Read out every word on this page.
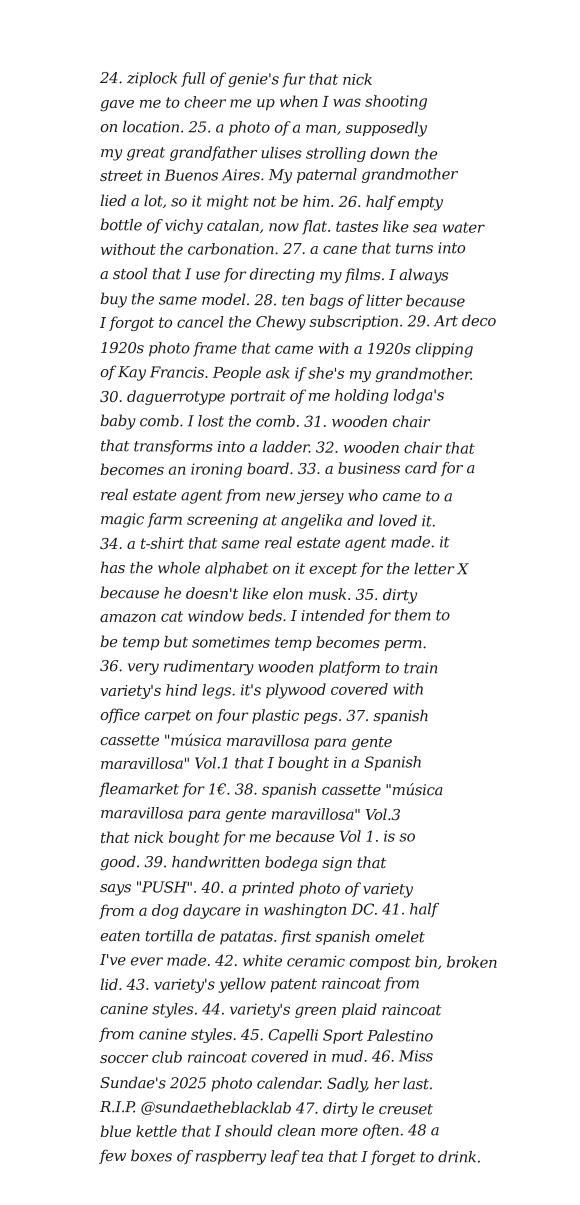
24. ziplock full of genie's fur that nick
gave me to cheer me up when I was shooting
on location. 25. a photo of a man, supposedly
my great grandfather ulises strolling down the
street in Buenos Aires. My paternal grandmother
lied a lot, so it might not be him. 26. half empty
bottle of vichy catalan, now flat. tastes like sea water
without the carbonation. 27. a cane that turns into
a stool that I use for directing my films. I always
buy the same model. 28. ten bags of litter because
I forgot to cancel the Chewy subscription. 29. Art deco
1920s photo frame that came with a 1920s clipping
of Kay Francis. People ask if she's my grandmother.
30. daguerrotype portrait of me holding lodga's
baby comb. I lost the comb. 31. wooden chair
that transforms into a ladder. 32. wooden chair that
becomes an ironing board. 33. a business card for a
real estate agent from new jersey who came to a
magic farm screening at angelika and loved it.
34. a t-shirt that same real estate agent made. it
has the whole alphabet on it except for the letter X
because he doesn't like elon musk. 35. dirty
amazon cat window beds. I intended for them to
be temp but sometimes temp becomes perm.
36. very rudimentary wooden platform to train
variety's hind legs. it's plywood covered with
office carpet on four plastic pegs. 37. spanish
cassette "música maravillosa para gente
maravillosa" Vol.1 that I bought in a Spanish
fleamarket for 1€. 38. spanish cassette "música
maravillosa para gente maravillosa" Vol.3
that nick bought for me because Vol 1. is so
good. 39. handwritten bodega sign that
says "PUSH". 40. a printed photo of variety
from a dog daycare in washington DC. 41. half
eaten tortilla de patatas. first spanish omelet
I've ever made. 42. white ceramic compost bin, broken
lid. 43. variety's yellow patent raincoat from
canine styles. 44. variety's green plaid raincoat
from canine styles. 45. Capelli Sport Palestino
soccer club raincoat covered in mud. 46. Miss
Sundae's 2025 photo calendar. Sadly, her last.
R.I.P. @sundaetheblacklab 47. dirty le creuset
blue kettle that I should clean more often. 48 a
few boxes of raspberry leaf tea that I forget to drink.
